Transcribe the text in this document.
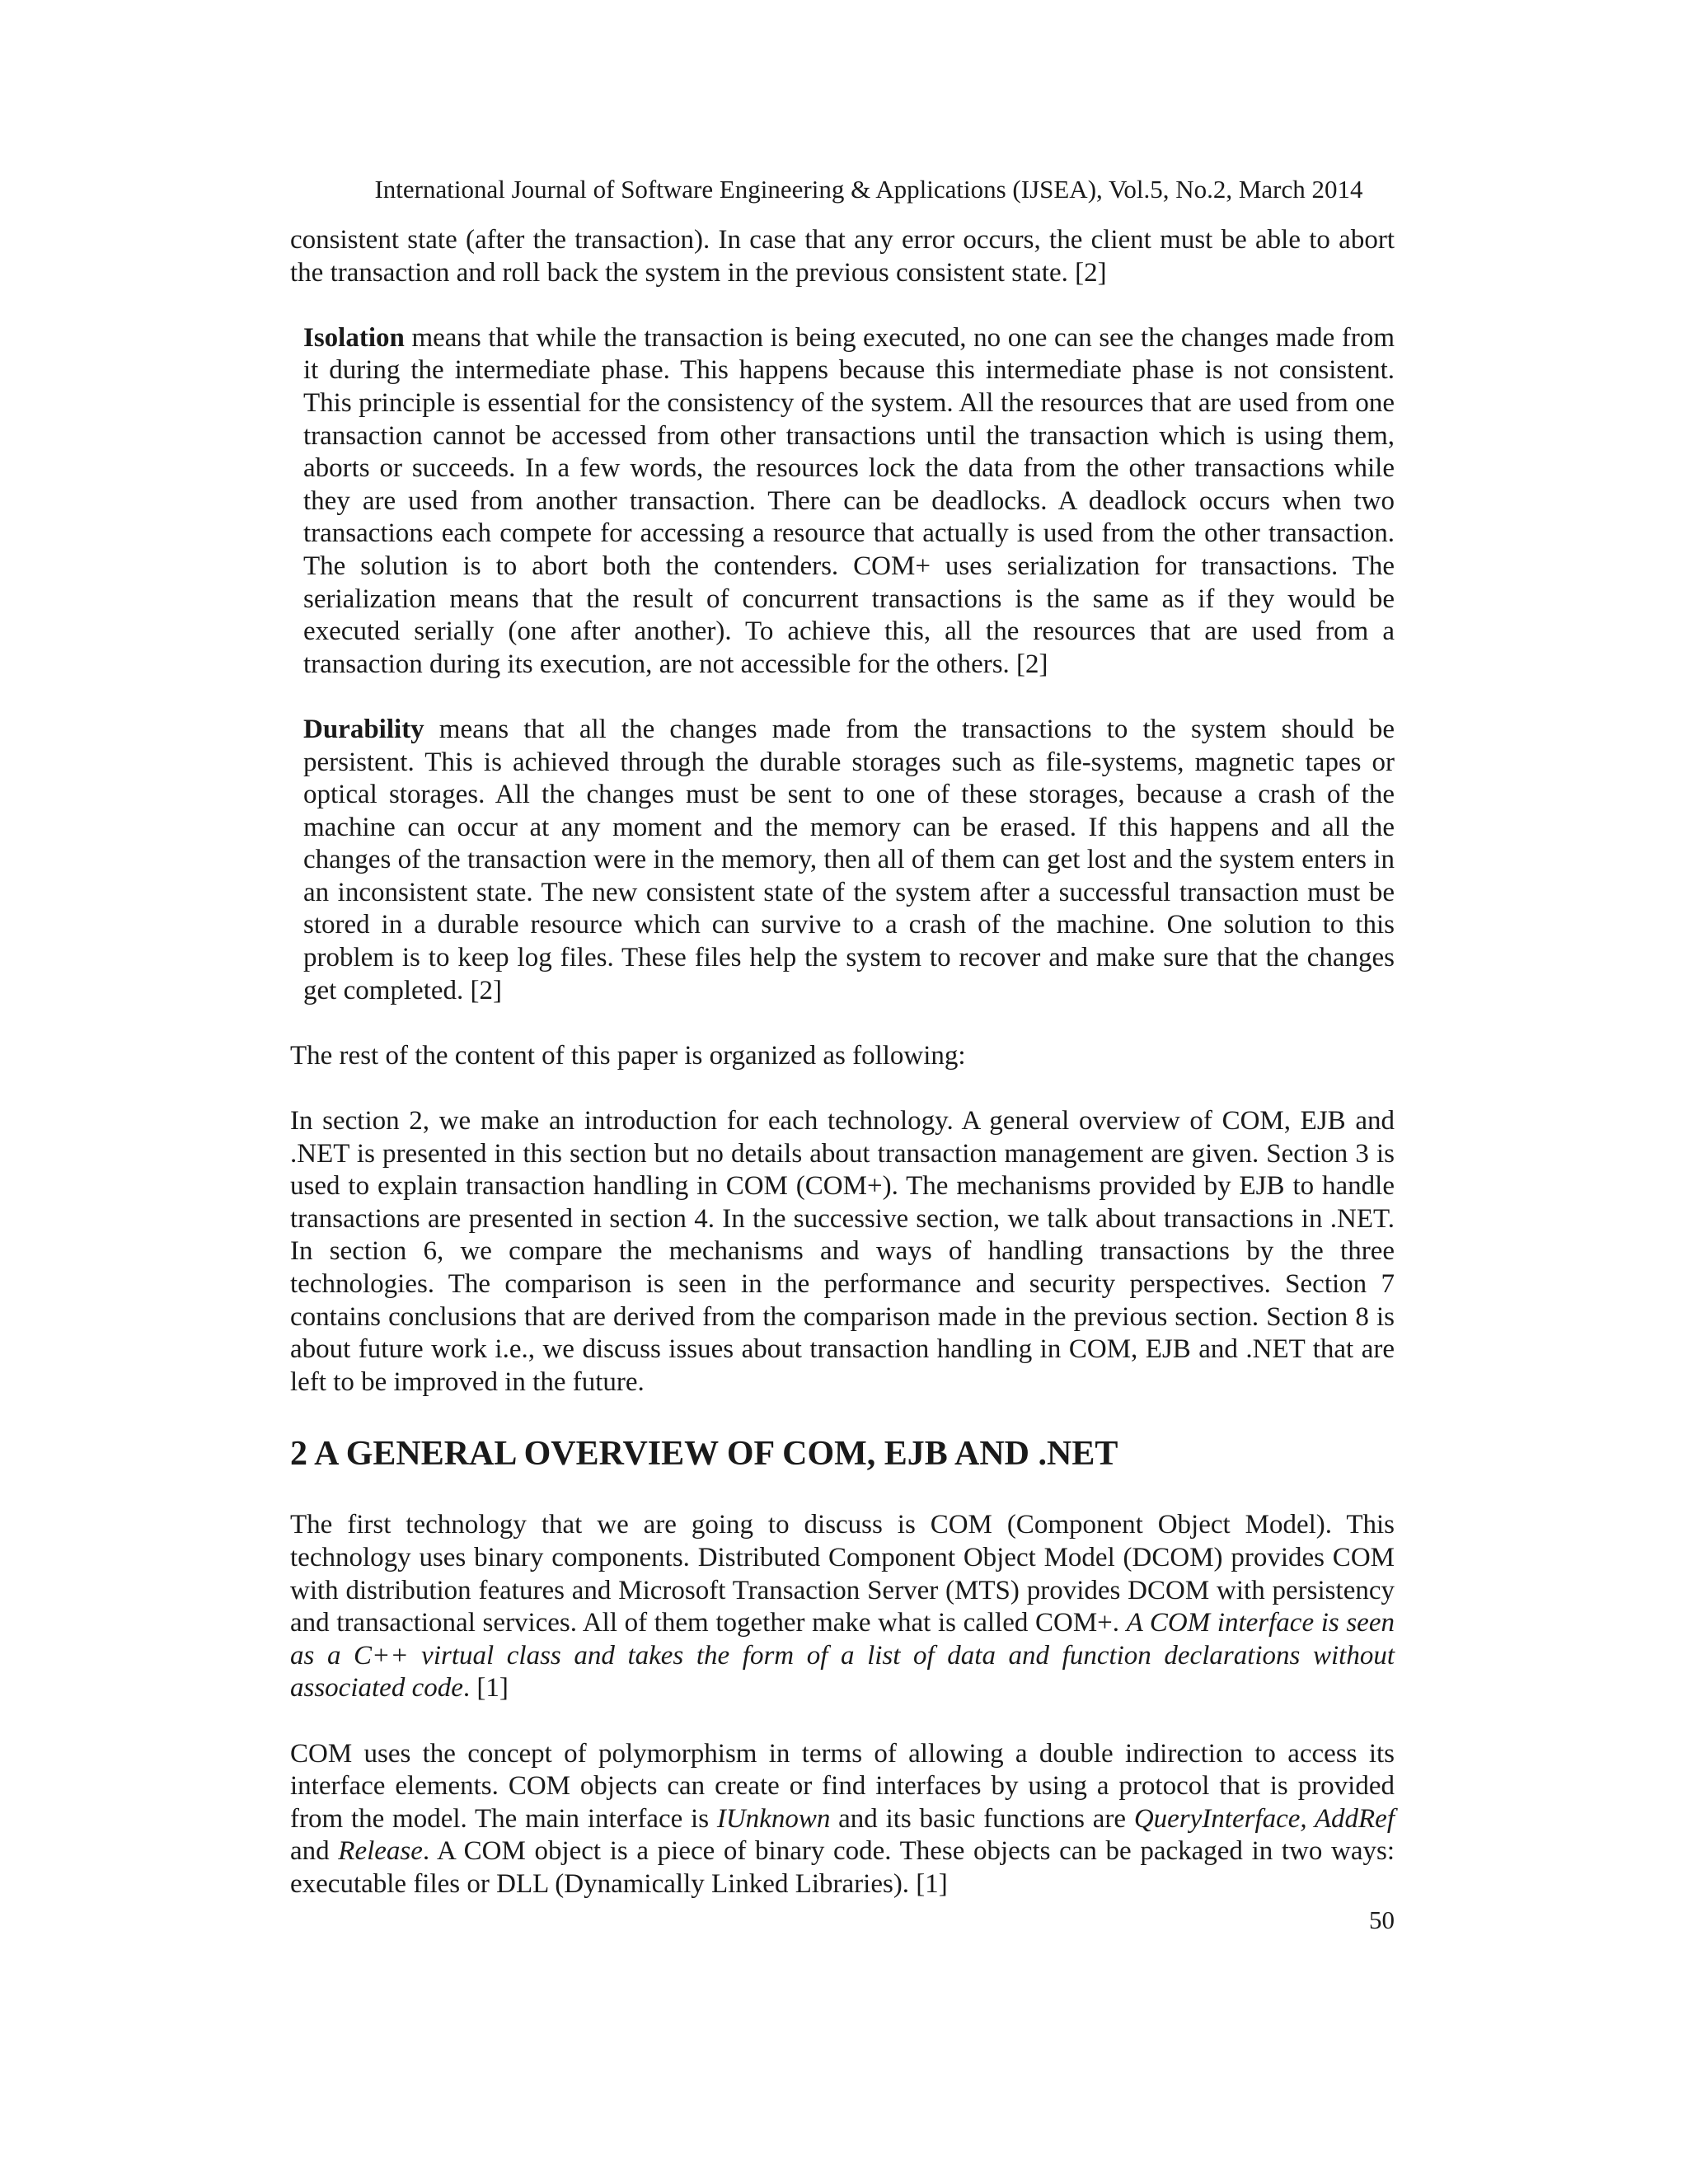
International Journal of Software Engineering & Applications (IJSEA), Vol.5, No.2, March 2014

consistent state (after the transaction). In case that any error occurs, the client must be able to abort the transaction and roll back the system in the previous consistent state. [2]

Isolation means that while the transaction is being executed, no one can see the changes made from it during the intermediate phase. This happens because this intermediate phase is not consistent. This principle is essential for the consistency of the system. All the resources that are used from one transaction cannot be accessed from other transactions until the transaction which is using them, aborts or succeeds. In a few words, the resources lock the data from the other transactions while they are used from another transaction. There can be deadlocks. A deadlock occurs when two transactions each compete for accessing a resource that actually is used from the other transaction. The solution is to abort both the contenders. COM+ uses serialization for transactions. The serialization means that the result of concurrent transactions is the same as if they would be executed serially (one after another). To achieve this, all the resources that are used from a transaction during its execution, are not accessible for the others. [2]

Durability means that all the changes made from the transactions to the system should be persistent. This is achieved through the durable storages such as file-systems, magnetic tapes or optical storages. All the changes must be sent to one of these storages, because a crash of the machine can occur at any moment and the memory can be erased. If this happens and all the changes of the transaction were in the memory, then all of them can get lost and the system enters in an inconsistent state. The new consistent state of the system after a successful transaction must be stored in a durable resource which can survive to a crash of the machine. One solution to this problem is to keep log files. These files help the system to recover and make sure that the changes get completed. [2]

The rest of the content of this paper is organized as following:

In section 2, we make an introduction for each technology. A general overview of COM, EJB and .NET is presented in this section but no details about transaction management are given. Section 3 is used to explain transaction handling in COM (COM+). The mechanisms provided by EJB to handle transactions are presented in section 4. In the successive section, we talk about transactions in .NET. In section 6, we compare the mechanisms and ways of handling transactions by the three technologies. The comparison is seen in the performance and security perspectives. Section 7 contains conclusions that are derived from the comparison made in the previous section. Section 8 is about future work i.e., we discuss issues about transaction handling in COM, EJB and .NET that are left to be improved in the future.

2 A GENERAL OVERVIEW OF COM, EJB AND .NET

The first technology that we are going to discuss is COM (Component Object Model). This technology uses binary components. Distributed Component Object Model (DCOM) provides COM with distribution features and Microsoft Transaction Server (MTS) provides DCOM with persistency and transactional services. All of them together make what is called COM+. A COM interface is seen as a C++ virtual class and takes the form of a list of data and function declarations without associated code. [1]

COM uses the concept of polymorphism in terms of allowing a double indirection to access its interface elements. COM objects can create or find interfaces by using a protocol that is provided from the model. The main interface is IUnknown and its basic functions are QueryInterface, AddRef and Release. A COM object is a piece of binary code. These objects can be packaged in two ways: executable files or DLL (Dynamically Linked Libraries). [1]

50
